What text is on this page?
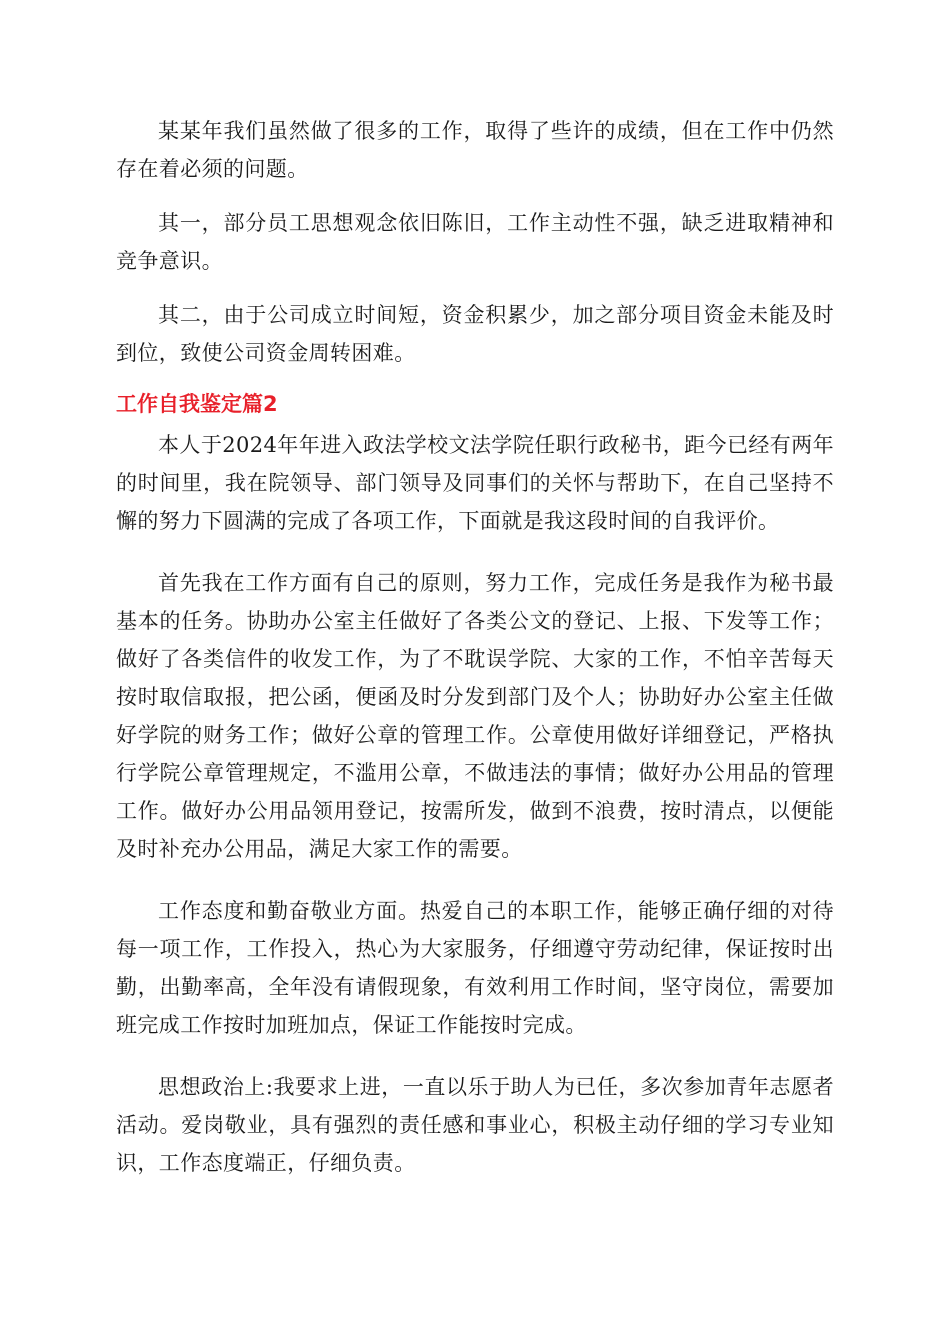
某某年我们虽然做了很多的工作，取得了些许的成绩，但在工作中仍然存在着必须的问题。

其一，部分员工思想观念依旧陈旧，工作主动性不强，缺乏进取精神和竞争意识。

其二，由于公司成立时间短，资金积累少，加之部分项目资金未能及时到位，致使公司资金周转困难。

工作自我鉴定篇2

本人于2024年年进入政法学校文法学院任职行政秘书，距今已经有两年的时间里，我在院领导、部门领导及同事们的关怀与帮助下，在自己坚持不懈的努力下圆满的完成了各项工作，下面就是我这段时间的自我评价。

首先我在工作方面有自己的原则，努力工作，完成任务是我作为秘书最基本的任务。协助办公室主任做好了各类公文的登记、上报、下发等工作；做好了各类信件的收发工作，为了不耽误学院、大家的工作，不怕辛苦每天按时取信取报，把公函，便函及时分发到部门及个人；协助好办公室主任做好学院的财务工作；做好公章的管理工作。公章使用做好详细登记，严格执行学院公章管理规定，不滥用公章，不做违法的事情；做好办公用品的管理工作。做好办公用品领用登记，按需所发，做到不浪费，按时清点，以便能及时补充办公用品，满足大家工作的需要。

工作态度和勤奋敬业方面。热爱自己的本职工作，能够正确仔细的对待每一项工作，工作投入，热心为大家服务，仔细遵守劳动纪律，保证按时出勤，出勤率高，全年没有请假现象，有效利用工作时间，坚守岗位，需要加班完成工作按时加班加点，保证工作能按时完成。

思想政治上:我要求上进，一直以乐于助人为已任，多次参加青年志愿者活动。爱岗敬业，具有强烈的责任感和事业心，积极主动仔细的学习专业知识，工作态度端正，仔细负责。
